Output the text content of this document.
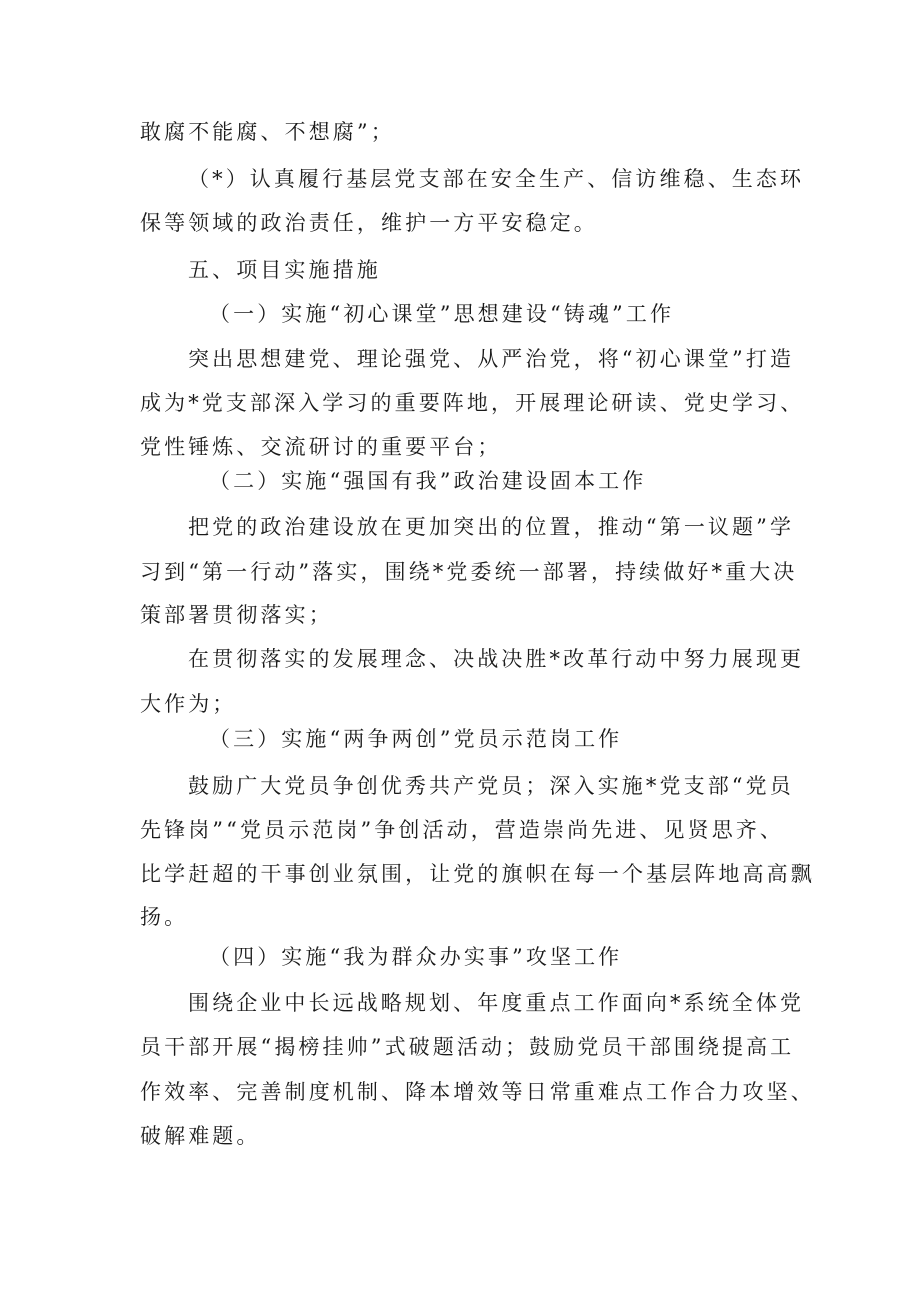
敢腐不能腐、不想腐”；

（*）认真履行基层党支部在安全生产、信访维稳、生态环

保等领域的政治责任，维护一方平安稳定。

五、项目实施措施

（一）实施“初心课堂”思想建设“铸魂”工作

突出思想建党、理论强党、从严治党，将“初心课堂”打造

成为*党支部深入学习的重要阵地，开展理论研读、党史学习、

党性锤炼、交流研讨的重要平台；

（二）实施“强国有我”政治建设固本工作

把党的政治建设放在更加突出的位置，推动“第一议题”学

习到“第一行动”落实，围绕*党委统一部署，持续做好*重大决

策部署贯彻落实；

在贯彻落实的发展理念、决战决胜*改革行动中努力展现更

大作为；

（三）实施“两争两创”党员示范岗工作

鼓励广大党员争创优秀共产党员；深入实施*党支部“党员

先锋岗”“党员示范岗”争创活动，营造崇尚先进、见贤思齐、

比学赶超的干事创业氛围，让党的旗帜在每一个基层阵地高高飘

扬。

（四）实施“我为群众办实事”攻坚工作

围绕企业中长远战略规划、年度重点工作面向*系统全体党

员干部开展“揭榜挂帅”式破题活动；鼓励党员干部围绕提高工

作效率、完善制度机制、降本增效等日常重难点工作合力攻坚、

破解难题。
